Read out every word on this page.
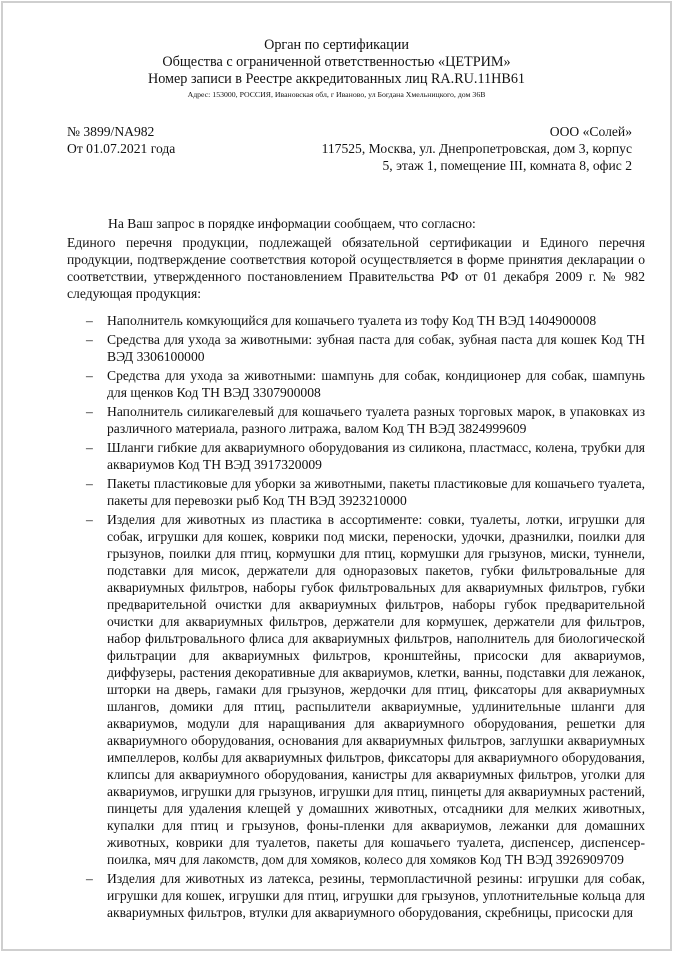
Орган по сертификации
Общества с ограниченной ответственностью «ЦЕТРИМ»
Номер записи в Реестре аккредитованных лиц RA.RU.11НВ61
Адрес: 153000, РОССИЯ, Ивановская обл, г Иваново, ул Богдана Хмельницкого, дом 36В
№ 3899/NA982
От 01.07.2021 года
ООО «Солей»
117525, Москва, ул. Днепропетровская, дом 3, корпус
5, этаж 1, помещение III, комната 8, офис 2

На Ваш запрос в порядке информации сообщаем, что согласно:

Единого перечня продукции, подлежащей обязательной сертификации и Единого перечня продукции, подтверждение соответствия которой осуществляется в форме принятия декларации о соответствии, утвержденного постановлением Правительства РФ от 01 декабря 2009 г. № 982 следующая продукция:

– Наполнитель комкующийся для кошачьего туалета из тофу Код ТН ВЭД 1404900008
– Средства для ухода за животными: зубная паста для собак, зубная паста для кошек Код ТН ВЭД 3306100000
– Средства для ухода за животными: шампунь для собак, кондиционер для собак, шампунь для щенков Код ТН ВЭД 3307900008
– Наполнитель силикагелевый для кошачьего туалета разных торговых марок, в упаковках из различного материала, разного литража, валом Код ТН ВЭД 3824999609
– Шланги гибкие для аквариумного оборудования из силикона, пластмасс, колена, трубки для аквариумов Код ТН ВЭД 3917320009
– Пакеты пластиковые для уборки за животными, пакеты пластиковые для кошачьего туалета, пакеты для перевозки рыб Код ТН ВЭД 3923210000
– Изделия для животных из пластика в ассортименте: совки, туалеты, лотки, игрушки для собак, игрушки для кошек, коврики под миски, переноски, удочки, дразнилки, поилки для грызунов, поилки для птиц, кормушки для птиц, кормушки для грызунов, миски, туннели, подставки для мисок, держатели для одноразовых пакетов, губки фильтровальные для аквариумных фильтров, наборы губок фильтровальных для аквариумных фильтров, губки предварительной очистки для аквариумных фильтров, наборы губок предварительной очистки для аквариумных фильтров, держатели для кормушек, держатели для фильтров, набор фильтровального флиса для аквариумных фильтров, наполнитель для биологической фильтрации для аквариумных фильтров, кронштейны, присоски для аквариумов, диффузеры, растения декоративные для аквариумов, клетки, ванны, подставки для лежанок, шторки на дверь, гамаки для грызунов, жердочки для птиц, фиксаторы для аквариумных шлангов, домики для птиц, распылители аквариумные, удлинительные шланги для аквариумов, модули для наращивания для аквариумного оборудования, решетки для аквариумного оборудования, основания для аквариумных фильтров, заглушки аквариумных импеллеров, колбы для аквариумных фильтров, фиксаторы для аквариумного оборудования, клипсы для аквариумного оборудования, канистры для аквариумных фильтров, уголки для аквариумов, игрушки для грызунов, игрушки для птиц, пинцеты для аквариумных растений, пинцеты для удаления клещей у домашних животных, отсадники для мелких животных, купалки для птиц и грызунов, фоны-пленки для аквариумов, лежанки для домашних животных, коврики для туалетов, пакеты для кошачьего туалета, диспенсер, диспенсер-поилка, мяч для лакомств, дом для хомяков, колесо для хомяков Код ТН ВЭД 3926909709
– Изделия для животных из латекса, резины, термопластичной резины: игрушки для собак, игрушки для кошек, игрушки для птиц, игрушки для грызунов, уплотнительные кольца для аквариумных фильтров, втулки для аквариумного оборудования, скребницы, присоски для
